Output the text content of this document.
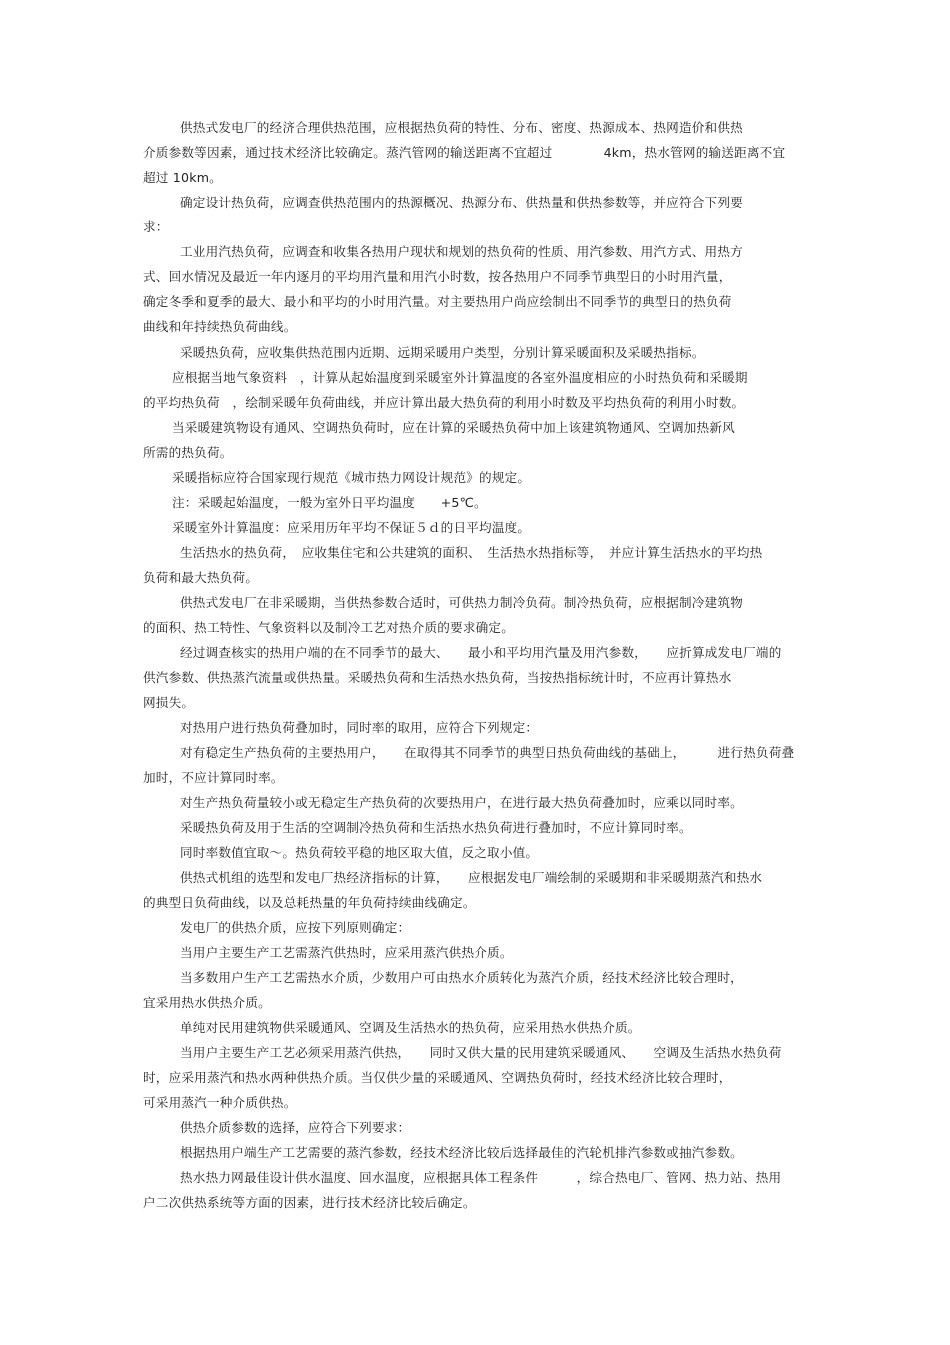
供热式发电厂的经济合理供热范围，应根据热负荷的特性、分布、密度、热源成本、热网造价和供热

介质参数等因素，通过技术经济比较确定。蒸汽管网的输送距离不宜超过　　　　4km，热水管网的输送距离不宜

超过 10km。

确定设计热负荷，应调查供热范围内的热源概况、热源分布、供热量和供热参数等，并应符合下列要

求：

工业用汽热负荷，应调查和收集各热用户现状和规划的热负荷的性质、用汽参数、用汽方式、用热方

式、回水情况及最近一年内逐月的平均用汽量和用汽小时数，按各热用户不同季节典型日的小时用汽量，

确定冬季和夏季的最大、最小和平均的小时用汽量。对主要热用户尚应绘制出不同季节的典型日的热负荷

曲线和年持续热负荷曲线。

采暖热负荷，应收集供热范围内近期、远期采暖用户类型，分别计算采暖面积及采暖热指标。

应根据当地气象资料　，计算从起始温度到采暖室外计算温度的各室外温度相应的小时热负荷和采暖期

的平均热负荷　，绘制采暖年负荷曲线，并应计算出最大热负荷的利用小时数及平均热负荷的利用小时数。

当采暖建筑物设有通风、空调热负荷时，应在计算的采暖热负荷中加上该建筑物通风、空调加热新风

所需的热负荷。

采暖指标应符合国家现行规范《城市热力网设计规范》的规定。

注：采暖起始温度，一般为室外日平均温度　　+5℃。

采暖室外计算温度：应采用历年平均不保证５ｄ的日平均温度。

生活热水的热负荷，　应收集住宅和公共建筑的面积、　生活热水热指标等，　并应计算生活热水的平均热

负荷和最大热负荷。

供热式发电厂在非采暖期，当供热参数合适时，可供热力制冷负荷。制冷热负荷，应根据制冷建筑物

的面积、热工特性、气象资料以及制冷工艺对热介质的要求确定。

经过调查核实的热用户端的在不同季节的最大、　　最小和平均用汽量及用汽参数，　　应折算成发电厂端的

供汽参数、供热蒸汽流量或供热量。采暖热负荷和生活热水热负荷，当按热指标统计时，不应再计算热水

网损失。

对热用户进行热负荷叠加时，同时率的取用，应符合下列规定：

对有稳定生产热负荷的主要热用户，　　在取得其不同季节的典型日热负荷曲线的基础上，　　　进行热负荷叠

加时，不应计算同时率。

对生产热负荷量较小或无稳定生产热负荷的次要热用户，在进行最大热负荷叠加时，应乘以同时率。

采暖热负荷及用于生活的空调制冷热负荷和生活热水热负荷进行叠加时，不应计算同时率。

同时率数值宜取～。热负荷较平稳的地区取大值，反之取小值。

供热式机组的选型和发电厂热经济指标的计算，　　应根据发电厂端绘制的采暖期和非采暖期蒸汽和热水

的典型日负荷曲线，以及总耗热量的年负荷持续曲线确定。

发电厂的供热介质，应按下列原则确定：

当用户主要生产工艺需蒸汽供热时，应采用蒸汽供热介质。

当多数用户生产工艺需热水介质，少数用户可由热水介质转化为蒸汽介质，经技术经济比较合理时，

宜采用热水供热介质。

单纯对民用建筑物供采暖通风、空调及生活热水的热负荷，应采用热水供热介质。

当用户主要生产工艺必须采用蒸汽供热，　　同时又供大量的民用建筑采暖通风、　　空调及生活热水热负荷

时，应采用蒸汽和热水两种供热介质。当仅供少量的采暖通风、空调热负荷时，经技术经济比较合理时，

可采用蒸汽一种介质供热。

供热介质参数的选择，应符合下列要求：

根据热用户端生产工艺需要的蒸汽参数，经技术经济比较后选择最佳的汽轮机排汽参数或抽汽参数。

热水热力网最佳设计供水温度、回水温度，应根据具体工程条件　　　，综合热电厂、管网、热力站、热用

户二次供热系统等方面的因素，进行技术经济比较后确定。
